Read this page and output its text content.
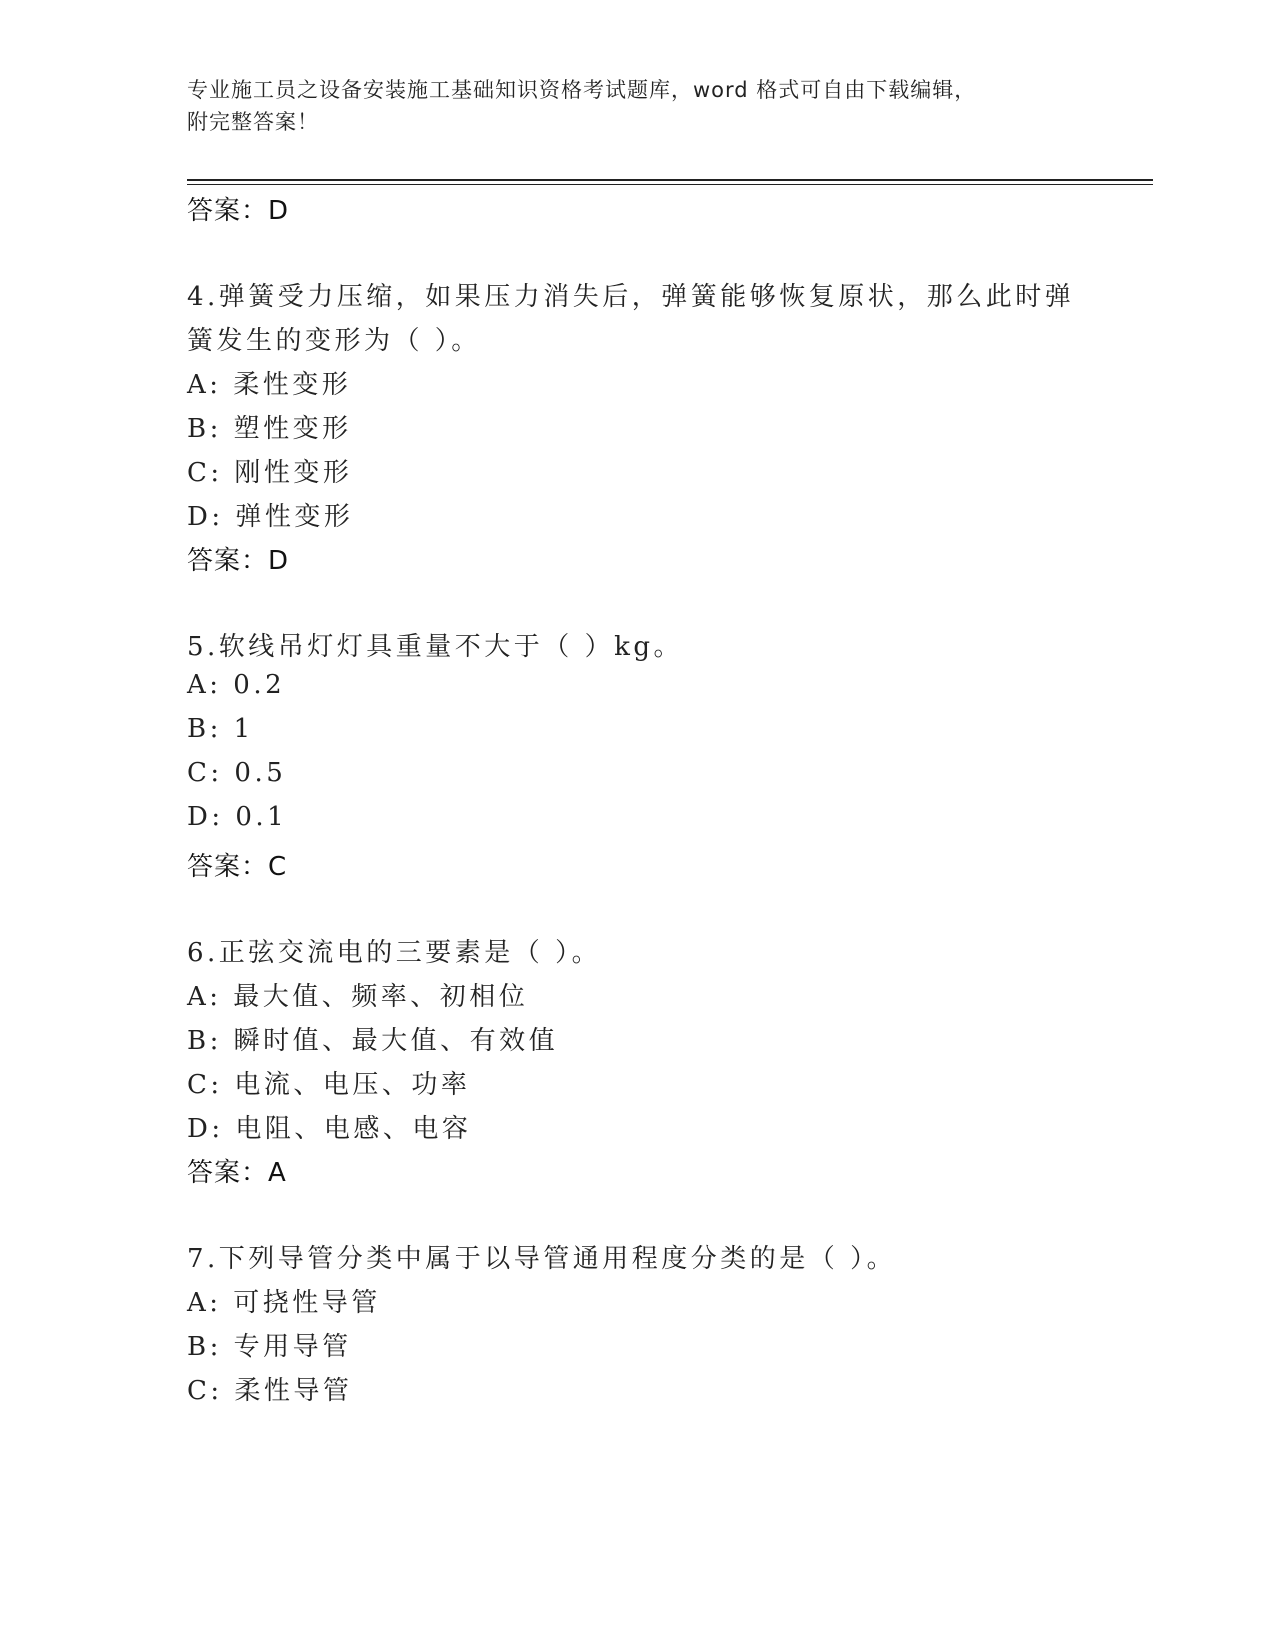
专业施工员之设备安装施工基础知识资格考试题库，word 格式可自由下载编辑，
附完整答案！
答案：D
4.弹簧受力压缩，如果压力消失后，弹簧能够恢复原状，那么此时弹
簧发生的变形为（ ）。
A: 柔性变形
B: 塑性变形
C: 刚性变形
D: 弹性变形
答案：D
5.软线吊灯灯具重量不大于（ ）kg。
A: 0.2
B: 1
C: 0.5
D: 0.1
答案：C
6.正弦交流电的三要素是（ ）。
A: 最大值、频率、初相位
B: 瞬时值、最大值、有效值
C: 电流、电压、功率
D: 电阻、电感、电容
答案：A
7.下列导管分类中属于以导管通用程度分类的是（ ）。
A: 可挠性导管
B: 专用导管
C: 柔性导管
